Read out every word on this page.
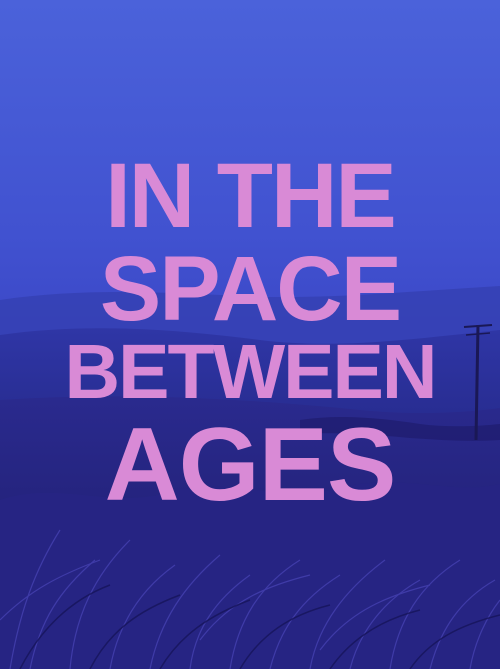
IN THE
SPACE
BETWEEN
AGES
